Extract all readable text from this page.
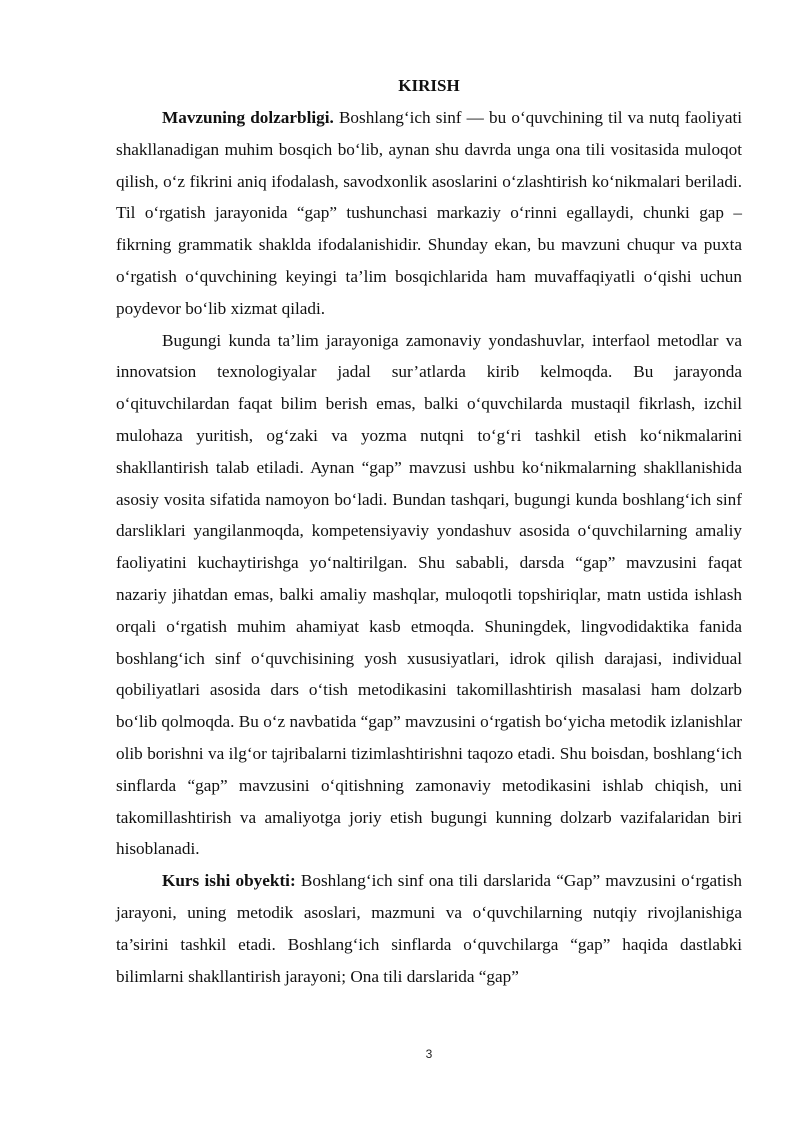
KIRISH

Mavzuning dolzarbligi. Boshlang‘ich sinf — bu o‘quvchining til va nutq faoliyati shakllanadigan muhim bosqich bo‘lib, aynan shu davrda unga ona tili vositasida muloqot qilish, o‘z fikrini aniq ifodalash, savodxonlik asoslarini o‘zlashtirish ko‘nikmalari beriladi. Til o‘rgatish jarayonida “gap” tushunchasi markaziy o‘rinni egallaydi, chunki gap – fikrning grammatik shaklda ifodalanishidir. Shunday ekan, bu mavzuni chuqur va puxta o‘rgatish o‘quvchining keyingi ta’lim bosqichlarida ham muvaffaqiyatli o‘qishi uchun poydevor bo‘lib xizmat qiladi.

Bugungi kunda ta’lim jarayoniga zamonaviy yondashuvlar, interfaol metodlar va innovatsion texnologiyalar jadal sur’atlarda kirib kelmoqda. Bu jarayonda o‘qituvchilardan faqat bilim berish emas, balki o‘quvchilarda mustaqil fikrlash, izchil mulohaza yuritish, og‘zaki va yozma nutqni to‘g‘ri tashkil etish ko‘nikmalarini shakllantirish talab etiladi. Aynan “gap” mavzusi ushbu ko‘nikmalarning shakllanishida asosiy vosita sifatida namoyon bo‘ladi. Bundan tashqari, bugungi kunda boshlang‘ich sinf darsliklari yangilanmoqda, kompetensiyaviy yondashuv asosida o‘quvchilarning amaliy faoliyatini kuchaytirishga yo‘naltirilgan. Shu sababli, darsda “gap” mavzusini faqat nazariy jihatdan emas, balki amaliy mashqlar, muloqotli topshiriqlar, matn ustida ishlash orqali o‘rgatish muhim ahamiyat kasb etmoqda. Shuningdek, lingvodidaktika fanida boshlang‘ich sinf o‘quvchisining yosh xususiyatlari, idrok qilish darajasi, individual qobiliyatlari asosida dars o‘tish metodikasini takomillashtirish masalasi ham dolzarb bo‘lib qolmoqda. Bu o‘z navbatida “gap” mavzusini o‘rgatish bo‘yicha metodik izlanishlar olib borishni va ilg‘or tajribalarni tizimlashtirishni taqozo etadi. Shu boisdan, boshlang‘ich sinflarda “gap” mavzusini o‘qitishning zamonaviy metodikasini ishlab chiqish, uni takomillashtirish va amaliyotga joriy etish bugungi kunning dolzarb vazifalaridan biri hisoblanadi.

Kurs ishi obyekti: Boshlang‘ich sinf ona tili darslarida “Gap” mavzusini o‘rgatish jarayoni, uning metodik asoslari, mazmuni va o‘quvchilarning nutqiy rivojlanishiga ta’sirini tashkil etadi. Boshlang‘ich sinflarda o‘quvchilarga “gap” haqida dastlabki bilimlarni shakllantirish jarayoni; Ona tili darslarida “gap”

3
